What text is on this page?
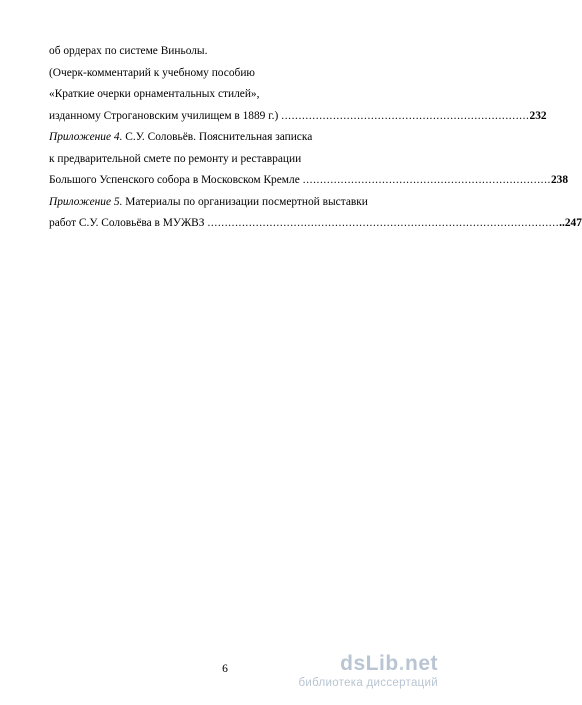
об ордерах по системе Виньолы.
(Очерк-комментарий к учебному пособию
«Краткие очерки орнаментальных стилей»,
изданному Строгановским училищем в 1889 г.) ........................................................................ 232
Приложение 4. С.У. Соловьёв. Пояснительная записка
к предварительной смете по ремонту и реставрации
Большого Успенского собора в Московском Кремле ........................................................................ 238
Приложение 5. Материалы по организации посмертной выставки
работ С.У. Соловьёва в МУЖВЗ ...................................................................................................... ..247
6	dsLib.net
библиотека диссертаций
